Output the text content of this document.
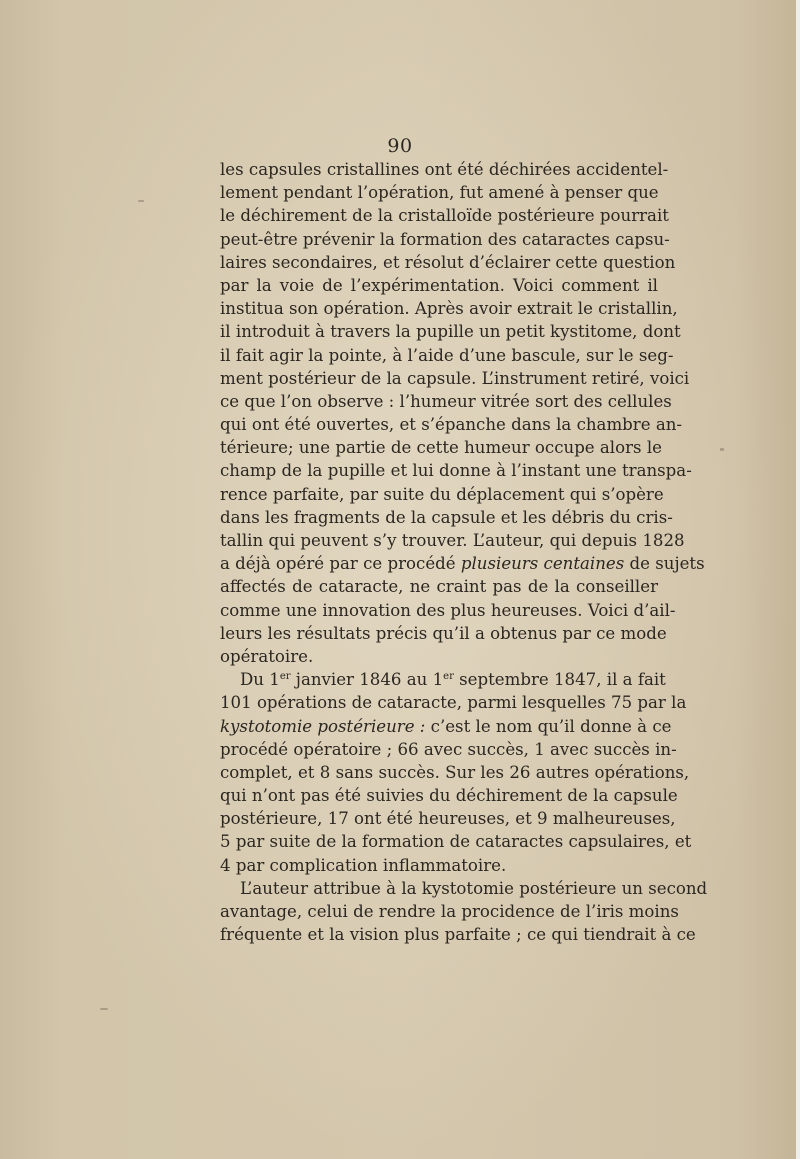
90
les capsules cristallines ont été déchirées accidentel-
lement pendant l’opération, fut amené à penser que
le déchirement de la cristalloïde postérieure pourrait
peut-être prévenir la formation des cataractes capsu-
laires secondaires, et résolut d’éclairer cette question
par la voie de l’expérimentation. Voici comment il
institua son opération. Après avoir extrait le cristallin,
il introduit à travers la pupille un petit kystitome, dont
il fait agir la pointe, à l’aide d’une bascule, sur le seg-
ment postérieur de la capsule. L’instrument retiré, voici
ce que l’on observe : l’humeur vitrée sort des cellules
qui ont été ouvertes, et s’épanche dans la chambre an-
térieure; une partie de cette humeur occupe alors le
champ de la pupille et lui donne à l’instant une transpa-
rence parfaite, par suite du déplacement qui s’opère
dans les fragments de la capsule et les débris du cris-
tallin qui peuvent s’y trouver. L’auteur, qui depuis 1828
a déjà opéré par ce procédé plusieurs centaines de sujets
affectés de cataracte, ne craint pas de la conseiller
comme une innovation des plus heureuses. Voici d’ail-
leurs les résultats précis qu’il a obtenus par ce mode
opératoire.
Du 1er janvier 1846 au 1er septembre 1847, il a fait
101 opérations de cataracte, parmi lesquelles 75 par la
kystotomie postérieure : c’est le nom qu’il donne à ce
procédé opératoire ; 66 avec succès, 1 avec succès in-
complet, et 8 sans succès. Sur les 26 autres opérations,
qui n’ont pas été suivies du déchirement de la capsule
postérieure, 17 ont été heureuses, et 9 malheureuses,
5 par suite de la formation de cataractes capsulaires, et
4 par complication inflammatoire.
L’auteur attribue à la kystotomie postérieure un second
avantage, celui de rendre la procidence de l’iris moins
fréquente et la vision plus parfaite ; ce qui tiendrait à ce
